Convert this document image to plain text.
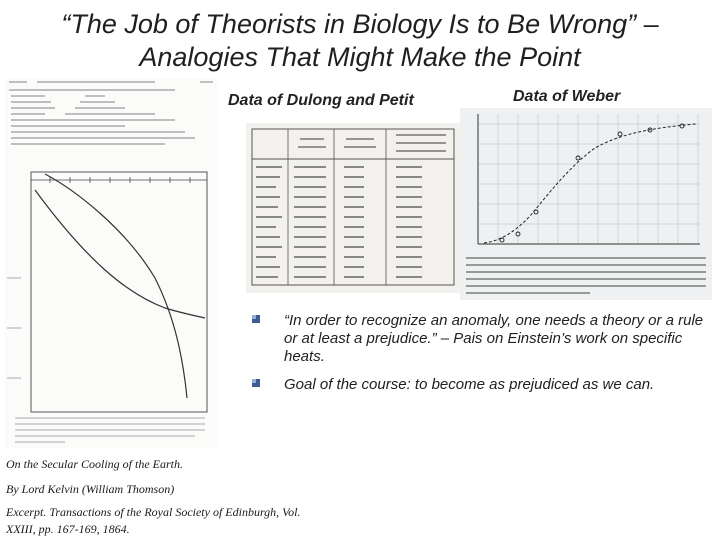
“The Job of Theorists in Biology Is to Be Wrong” –
Analogies That Might Make the Point
Data of Dulong and Petit	Data of Weber
“In order to recognize an anomaly, one needs a theory or a rule or at least a prejudice.” – Pais on Einstein’s work on specific heats.
Goal of the course: to become as prejudiced as we can.
On the Secular Cooling of the Earth.
By Lord Kelvin (William Thomson)
Excerpt. Transactions of the Royal Society of Edinburgh, Vol.
XXIII, pp. 167-169, 1864.
